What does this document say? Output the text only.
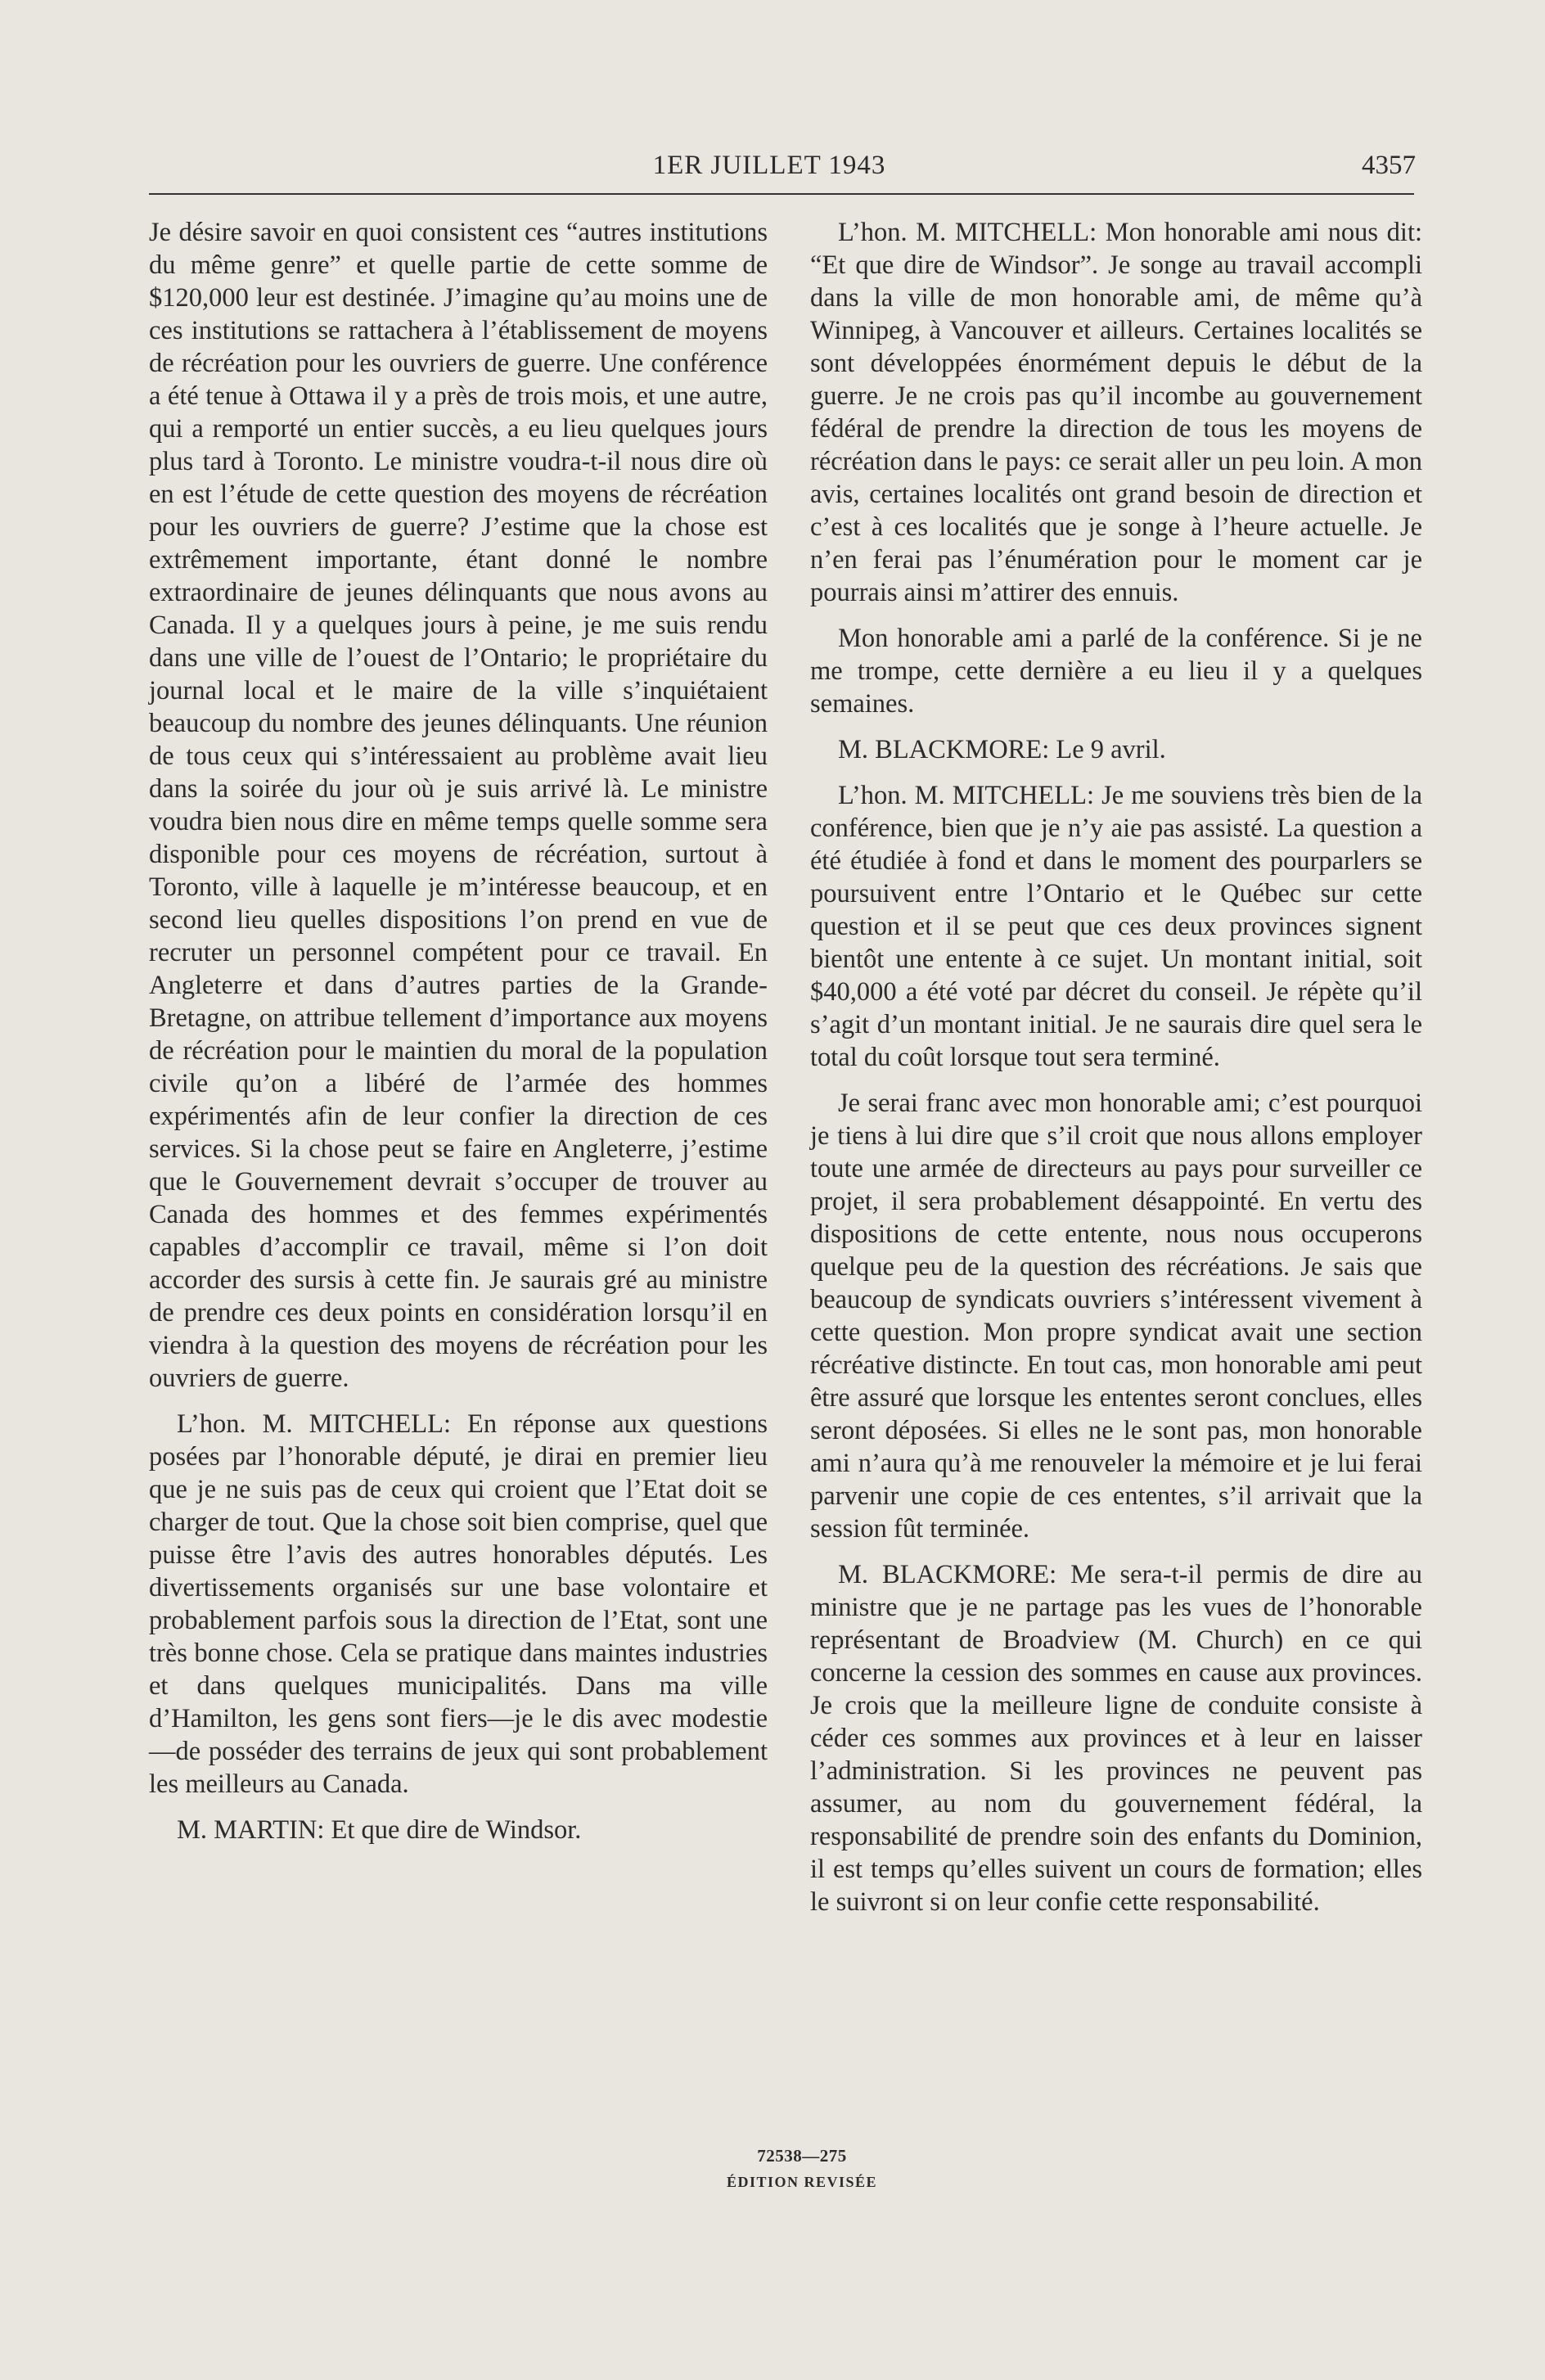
1ER JUILLET 1943	4357

Je désire savoir en quoi consistent ces “autres institutions du même genre” et quelle partie de cette somme de $120,000 leur est destinée. J’imagine qu’au moins une de ces institutions se rattachera à l’établissement de moyens de récréation pour les ouvriers de guerre. Une conférence a été tenue à Ottawa il y a près de trois mois, et une autre, qui a remporté un entier succès, a eu lieu quelques jours plus tard à Toronto. Le ministre voudra-t-il nous dire où en est l’étude de cette question des moyens de récréation pour les ouvriers de guerre? J’estime que la chose est extrêmement importante, étant donné le nombre extraordinaire de jeunes délinquants que nous avons au Canada. Il y a quelques jours à peine, je me suis rendu dans une ville de l’ouest de l’Ontario; le propriétaire du journal local et le maire de la ville s’inquiétaient beaucoup du nombre des jeunes délinquants. Une réunion de tous ceux qui s’intéressaient au problème avait lieu dans la soirée du jour où je suis arrivé là. Le ministre voudra bien nous dire en même temps quelle somme sera disponible pour ces moyens de récréation, surtout à Toronto, ville à laquelle je m’intéresse beaucoup, et en second lieu quelles dispositions l’on prend en vue de recruter un personnel compétent pour ce travail. En Angleterre et dans d’autres parties de la Grande-Bretagne, on attribue tellement d’importance aux moyens de récréation pour le maintien du moral de la population civile qu’on a libéré de l’armée des hommes expérimentés afin de leur confier la direction de ces services. Si la chose peut se faire en Angleterre, j’estime que le Gouvernement devrait s’occuper de trouver au Canada des hommes et des femmes expérimentés capables d’accomplir ce travail, même si l’on doit accorder des sursis à cette fin. Je saurais gré au ministre de prendre ces deux points en considération lorsqu’il en viendra à la question des moyens de récréation pour les ouvriers de guerre.

L’hon. M. MITCHELL: En réponse aux questions posées par l’honorable député, je dirai en premier lieu que je ne suis pas de ceux qui croient que l’Etat doit se charger de tout. Que la chose soit bien comprise, quel que puisse être l’avis des autres honorables députés. Les divertissements organisés sur une base volontaire et probablement parfois sous la direction de l’Etat, sont une très bonne chose. Cela se pratique dans maintes industries et dans quelques municipalités. Dans ma ville d’Hamilton, les gens sont fiers—je le dis avec modestie—de posséder des terrains de jeux qui sont probablement les meilleurs au Canada.

M. MARTIN: Et que dire de Windsor.

L’hon. M. MITCHELL: Mon honorable ami nous dit: “Et que dire de Windsor”. Je songe au travail accompli dans la ville de mon honorable ami, de même qu’à Winnipeg, à Vancouver et ailleurs. Certaines localités se sont développées énormément depuis le début de la guerre. Je ne crois pas qu’il incombe au gouvernement fédéral de prendre la direction de tous les moyens de récréation dans le pays: ce serait aller un peu loin. A mon avis, certaines localités ont grand besoin de direction et c’est à ces localités que je songe à l’heure actuelle. Je n’en ferai pas l’énumération pour le moment car je pourrais ainsi m’attirer des ennuis.

Mon honorable ami a parlé de la conférence. Si je ne me trompe, cette dernière a eu lieu il y a quelques semaines.

M. BLACKMORE: Le 9 avril.

L’hon. M. MITCHELL: Je me souviens très bien de la conférence, bien que je n’y aie pas assisté. La question a été étudiée à fond et dans le moment des pourparlers se poursuivent entre l’Ontario et le Québec sur cette question et il se peut que ces deux provinces signent bientôt une entente à ce sujet. Un montant initial, soit $40,000 a été voté par décret du conseil. Je répète qu’il s’agit d’un montant initial. Je ne saurais dire quel sera le total du coût lorsque tout sera terminé.

Je serai franc avec mon honorable ami; c’est pourquoi je tiens à lui dire que s’il croit que nous allons employer toute une armée de directeurs au pays pour surveiller ce projet, il sera probablement désappointé. En vertu des dispositions de cette entente, nous nous occuperons quelque peu de la question des récréations. Je sais que beaucoup de syndicats ouvriers s’intéressent vivement à cette question. Mon propre syndicat avait une section récréative distincte. En tout cas, mon honorable ami peut être assuré que lorsque les ententes seront conclues, elles seront déposées. Si elles ne le sont pas, mon honorable ami n’aura qu’à me renouveler la mémoire et je lui ferai parvenir une copie de ces ententes, s’il arrivait que la session fût terminée.

M. BLACKMORE: Me sera-t-il permis de dire au ministre que je ne partage pas les vues de l’honorable représentant de Broadview (M. Church) en ce qui concerne la cession des sommes en cause aux provinces. Je crois que la meilleure ligne de conduite consiste à céder ces sommes aux provinces et à leur en laisser l’administration. Si les provinces ne peuvent pas assumer, au nom du gouvernement fédéral, la responsabilité de prendre soin des enfants du Dominion, il est temps qu’elles suivent un cours de formation; elles le suivront si on leur confie cette responsabilité.

72538—275
ÉDITION REVISÉE
